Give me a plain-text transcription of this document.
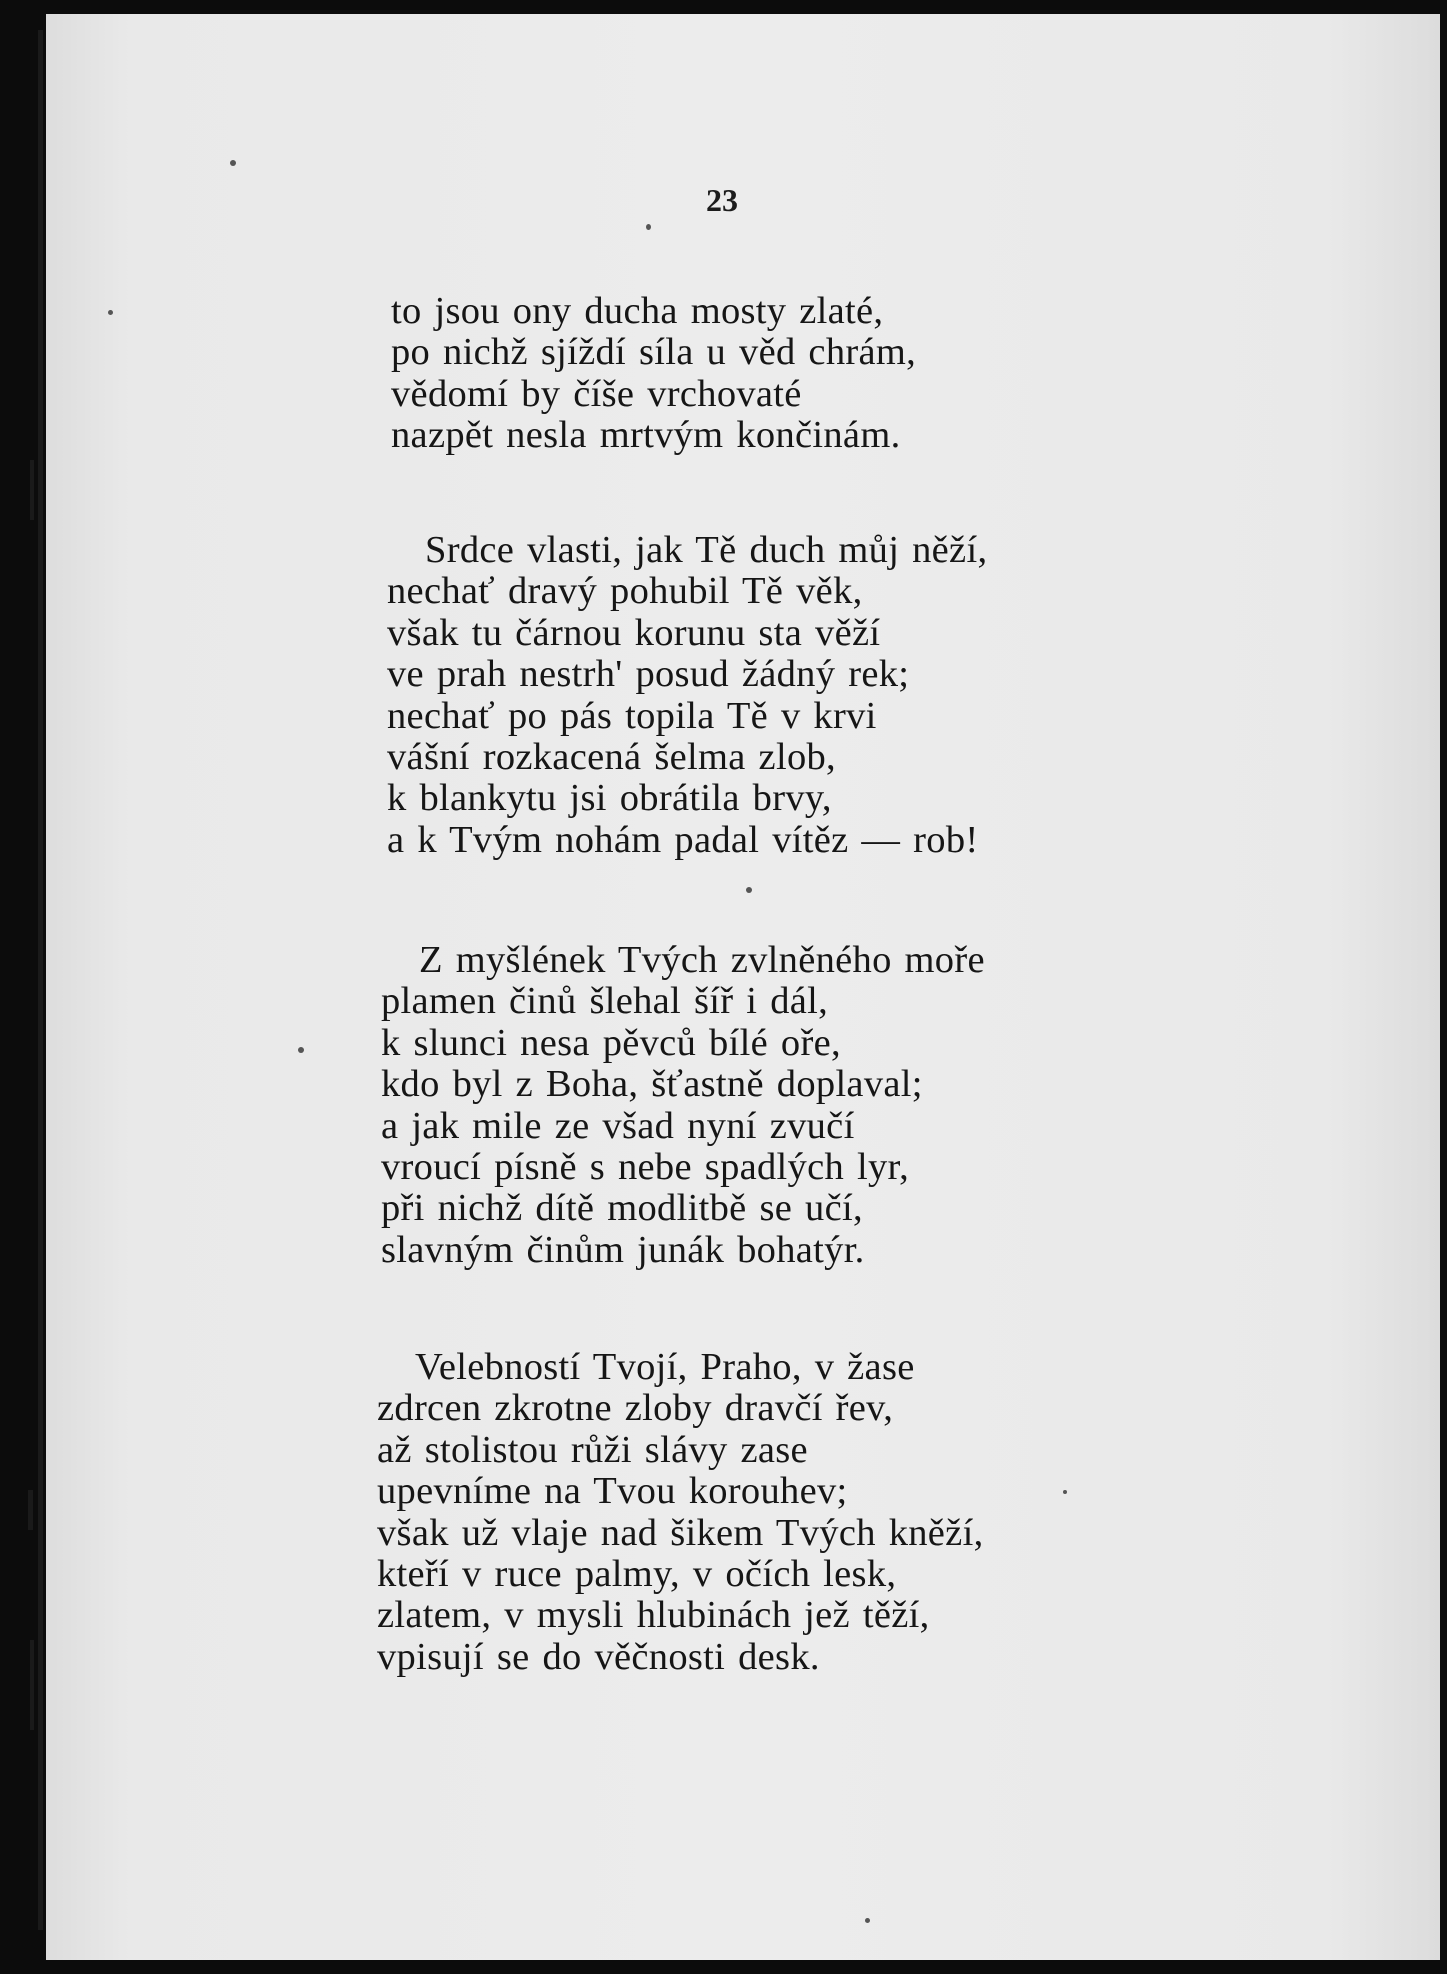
23
to jsou ony ducha mosty zlaté,
po nichž sjíždí síla u věd chrám,
vědomí by číše vrchovaté
nazpět nesla mrtvým končinám.
Srdce vlasti, jak Tě duch můj něží,
nechať dravý pohubil Tě věk,
však tu čárnou korunu sta věží
ve prah nestrh' posud žádný rek;
nechať po pás topila Tě v krvi
vášní rozkacená šelma zlob,
k blankytu jsi obrátila brvy,
a k Tvým nohám padal vítěz — rob!
Z myšlének Tvých zvlněného moře
plamen činů šlehal šíř i dál,
k slunci nesa pěvců bílé oře,
kdo byl z Boha, šťastně doplaval;
a jak mile ze všad nyní zvučí
vroucí písně s nebe spadlých lyr,
při nichž dítě modlitbě se učí,
slavným činům junák bohatýr.
Velebností Tvojí, Praho, v žase
zdrcen zkrotne zloby dravčí řev,
až stolistou růži slávy zase
upevníme na Tvou korouhev;
však už vlaje nad šikem Tvých kněží,
kteří v ruce palmy, v očích lesk,
zlatem, v mysli hlubinách jež těží,
vpisují se do věčnosti desk.
